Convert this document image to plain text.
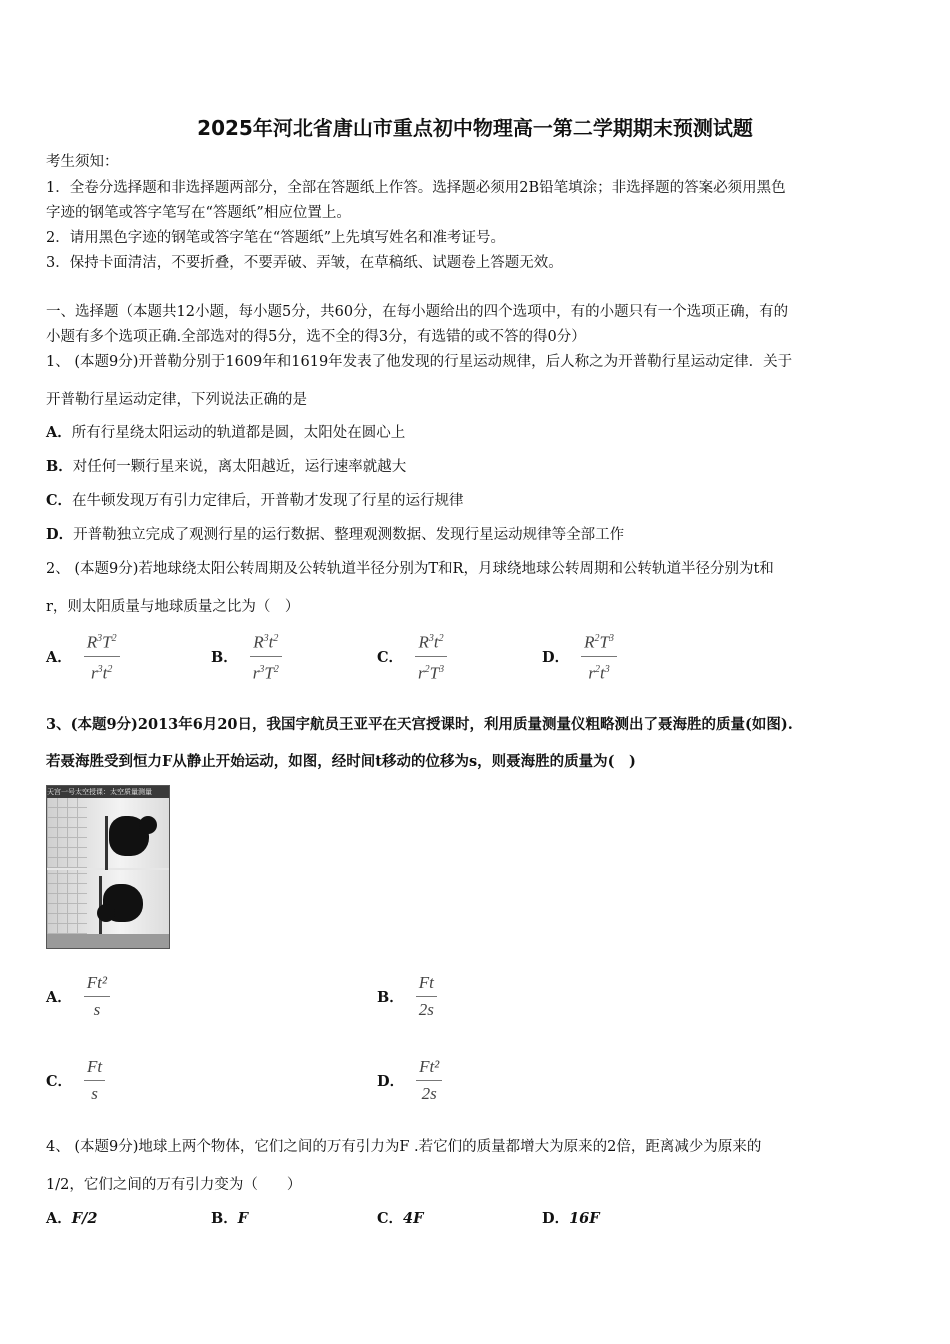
2025年河北省唐山市重点初中物理高一第二学期期末预测试题
考生须知：
1．全卷分选择题和非选择题两部分，全部在答题纸上作答。选择题必须用2B铅笔填涂；非选择题的答案必须用黑色
字迹的钢笔或答字笔写在“答题纸”相应位置上。
2．请用黑色字迹的钢笔或答字笔在“答题纸”上先填写姓名和准考证号。
3．保持卡面清洁，不要折叠，不要弄破、弄皱，在草稿纸、试题卷上答题无效。
一、选择题（本题共12小题，每小题5分，共60分，在每小题给出的四个选项中，有的小题只有一个选项正确，有的
小题有多个选项正确.全部选对的得5分，选不全的得3分，有选错的或不答的得0分）
1、 (本题9分)开普勒分别于1609年和1619年发表了他发现的行星运动规律，后人称之为开普勒行星运动定律．关于
开普勒行星运动定律，下列说法正确的是
A．所有行星绕太阳运动的轨道都是圆，太阳处在圆心上
B．对任何一颗行星来说，离太阳越近，运行速率就越大
C．在牛顿发现万有引力定律后，开普勒才发现了行星的运行规律
D．开普勒独立完成了观测行星的运行数据、整理观测数据、发现行星运动规律等全部工作
2、 (本题9分)若地球绕太阳公转周期及公转轨道半径分别为T和R，月球绕地球公转周期和公转轨道半径分别为t和
r，则太阳质量与地球质量之比为（　）
A． $\frac{R^3T^2}{r^3t^2}$	B． $\frac{R^3t^2}{r^3T^2}$	C． $\frac{R^3t^2}{r^2T^3}$	D． $\frac{R^2T^3}{r^2t^3}$
3、(本题9分)2013年6月20日，我国宇航员王亚平在天宫授课时，利用质量测量仪粗略测出了聂海胜的质量(如图).
若聂海胜受到恒力F从静止开始运动，如图，经时间t移动的位移为s，则聂海胜的质量为(　)
天宫一号太空授课：太空质量测量
A． $\frac{\text{Ft²}}{s}$	B． $\frac{Ft}{2s}$
C． $\frac{Ft}{s}$	D． $\frac{\text{Ft²}}{2s}$
4、 (本题9分)地球上两个物体，它们之间的万有引力为F .若它们的质量都增大为原来的2倍，距离减少为原来的
1/2，它们之间的万有引力变为（　　）
A．F/2	B．F	C．4F	D．16F
